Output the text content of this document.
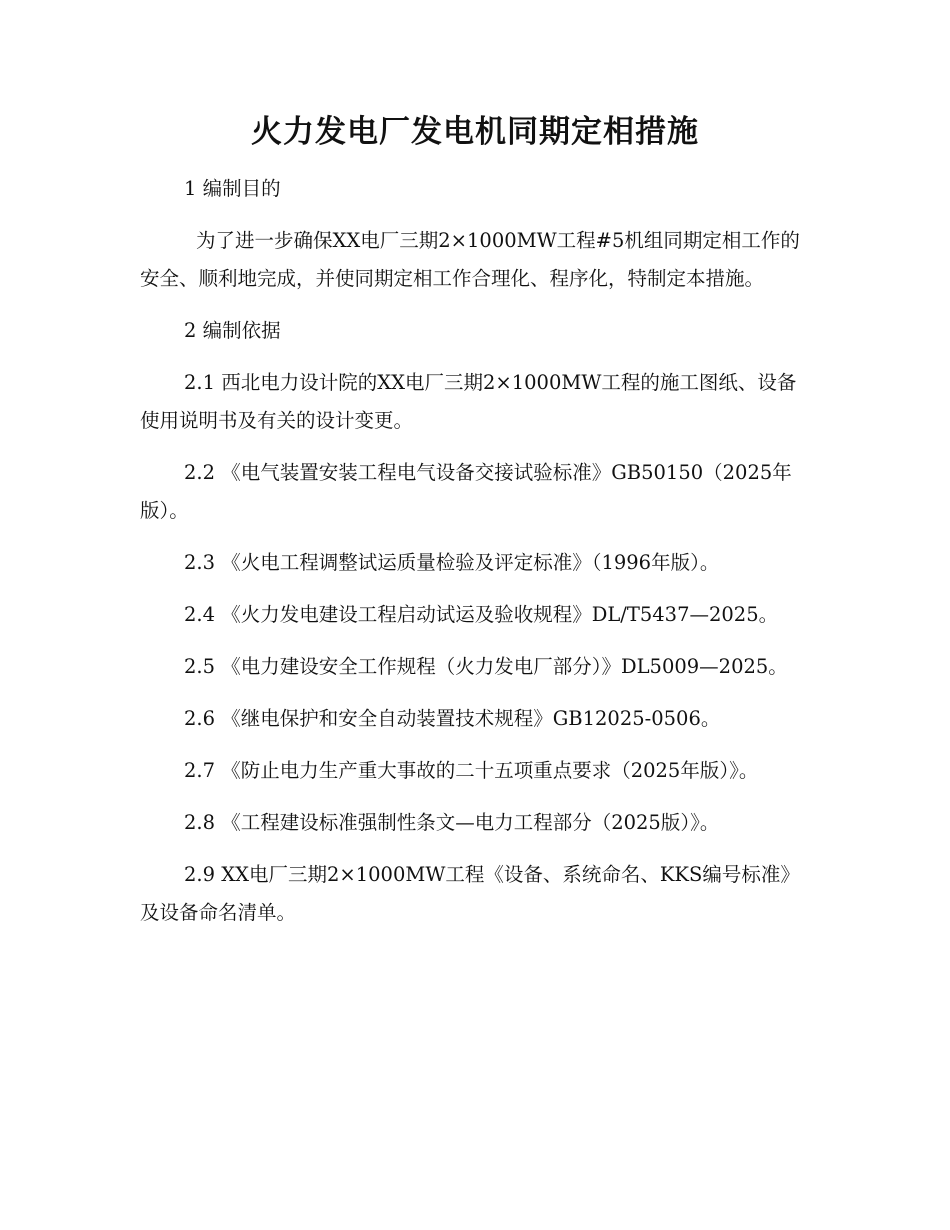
火力发电厂发电机同期定相措施

1 编制目的

为了进一步确保XX电厂三期2×1000MW工程#5机组同期定相工作的安全、顺利地完成，并使同期定相工作合理化、程序化，特制定本措施。

2 编制依据

2.1 西北电力设计院的XX电厂三期2×1000MW工程的施工图纸、设备使用说明书及有关的设计变更。

2.2 《电气装置安装工程电气设备交接试验标准》GB50150（2025年版）。

2.3 《火电工程调整试运质量检验及评定标准》（1996年版）。

2.4 《火力发电建设工程启动试运及验收规程》DL/T5437—2025。

2.5 《电力建设安全工作规程（火力发电厂部分）》DL5009—2025。

2.6 《继电保护和安全自动装置技术规程》GB12025-0506。

2.7 《防止电力生产重大事故的二十五项重点要求（2025年版）》。

2.8 《工程建设标准强制性条文—电力工程部分（2025版）》。

2.9 XX电厂三期2×1000MW工程《设备、系统命名、KKS编号标准》及设备命名清单。
